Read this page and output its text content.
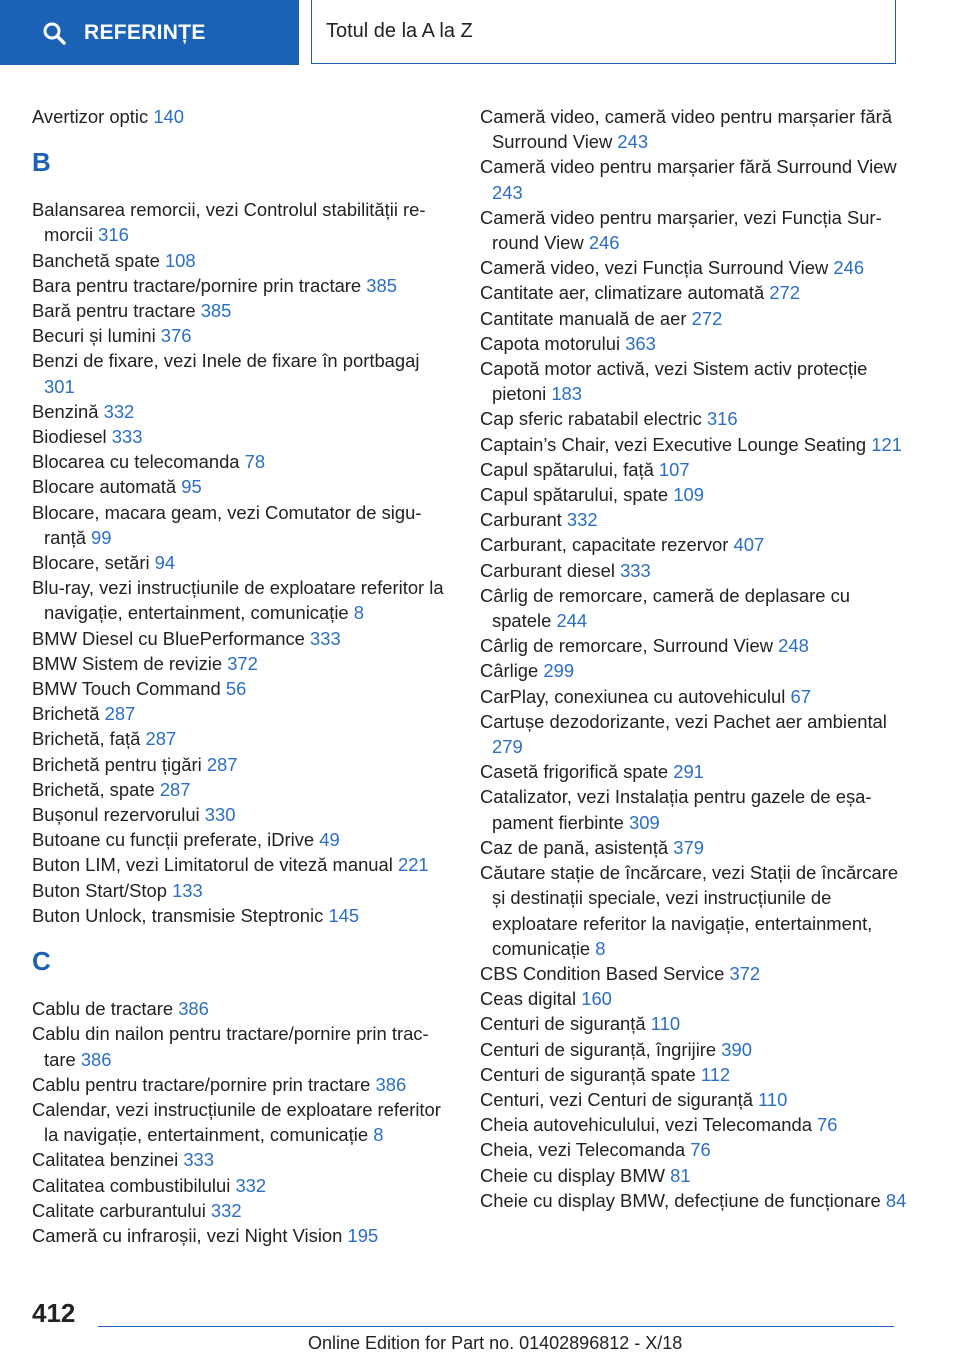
REFERINȚE	Totul de la A la Z
Avertizor optic 140
B
Balansarea remorcii, vezi Controlul stabilității remorcii 316
Banchetă spate 108
Bara pentru tractare/pornire prin tractare 385
Bară pentru tractare 385
Becuri și lumini 376
Benzi de fixare, vezi Inele de fixare în portbagaj 301
Benzină 332
Biodiesel 333
Blocarea cu telecomanda 78
Blocare automată 95
Blocare, macara geam, vezi Comutator de siguranță 99
Blocare, setări 94
Blu-ray, vezi instrucțiunile de exploatare referitor la navigație, entertainment, comunicație 8
BMW Diesel cu BluePerformance 333
BMW Sistem de revizie 372
BMW Touch Command 56
Brichetă 287
Brichetă, față 287
Brichetă pentru țigări 287
Brichetă, spate 287
Bușonul rezervorului 330
Butoane cu funcții preferate, iDrive 49
Buton LIM, vezi Limitatorul de viteză manual 221
Buton Start/Stop 133
Buton Unlock, transmisie Steptronic 145
C
Cablu de tractare 386
Cablu din nailon pentru tractare/pornire prin tractare 386
Cablu pentru tractare/pornire prin tractare 386
Calendar, vezi instrucțiunile de exploatare referitor la navigație, entertainment, comunicație 8
Calitatea benzinei 333
Calitatea combustibilului 332
Calitate carburantului 332
Cameră cu infraroșii, vezi Night Vision 195
Cameră video, cameră video pentru marșarier fără Surround View 243
Cameră video pentru marșarier fără Surround View 243
Cameră video pentru marșarier, vezi Funcția Surround View 246
Cameră video, vezi Funcția Surround View 246
Cantitate aer, climatizare automată 272
Cantitate manuală de aer 272
Capota motorului 363
Capotă motor activă, vezi Sistem activ protecție pietoni 183
Cap sferic rabatabil electric 316
Captain’s Chair, vezi Executive Lounge Seating 121
Capul spătarului, față 107
Capul spătarului, spate 109
Carburant 332
Carburant, capacitate rezervor 407
Carburant diesel 333
Cârlig de remorcare, cameră de deplasare cu spatele 244
Cârlig de remorcare, Surround View 248
Cârlige 299
CarPlay, conexiunea cu autovehiculul 67
Cartușe dezodorizante, vezi Pachet aer ambiental 279
Casetă frigorifică spate 291
Catalizator, vezi Instalația pentru gazele de eșapament fierbinte 309
Caz de pană, asistență 379
Căutare stație de încărcare, vezi Stații de încărcare și destinații speciale, vezi instrucțiunile de exploatare referitor la navigație, entertainment, comunicație 8
CBS Condition Based Service 372
Ceas digital 160
Centuri de siguranță 110
Centuri de siguranță, îngrijire 390
Centuri de siguranță spate 112
Centuri, vezi Centuri de siguranță 110
Cheia autovehiculului, vezi Telecomanda 76
Cheia, vezi Telecomanda 76
Cheie cu display BMW 81
Cheie cu display BMW, defecțiune de funcționare 84
412
Online Edition for Part no. 01402896812 - X/18
